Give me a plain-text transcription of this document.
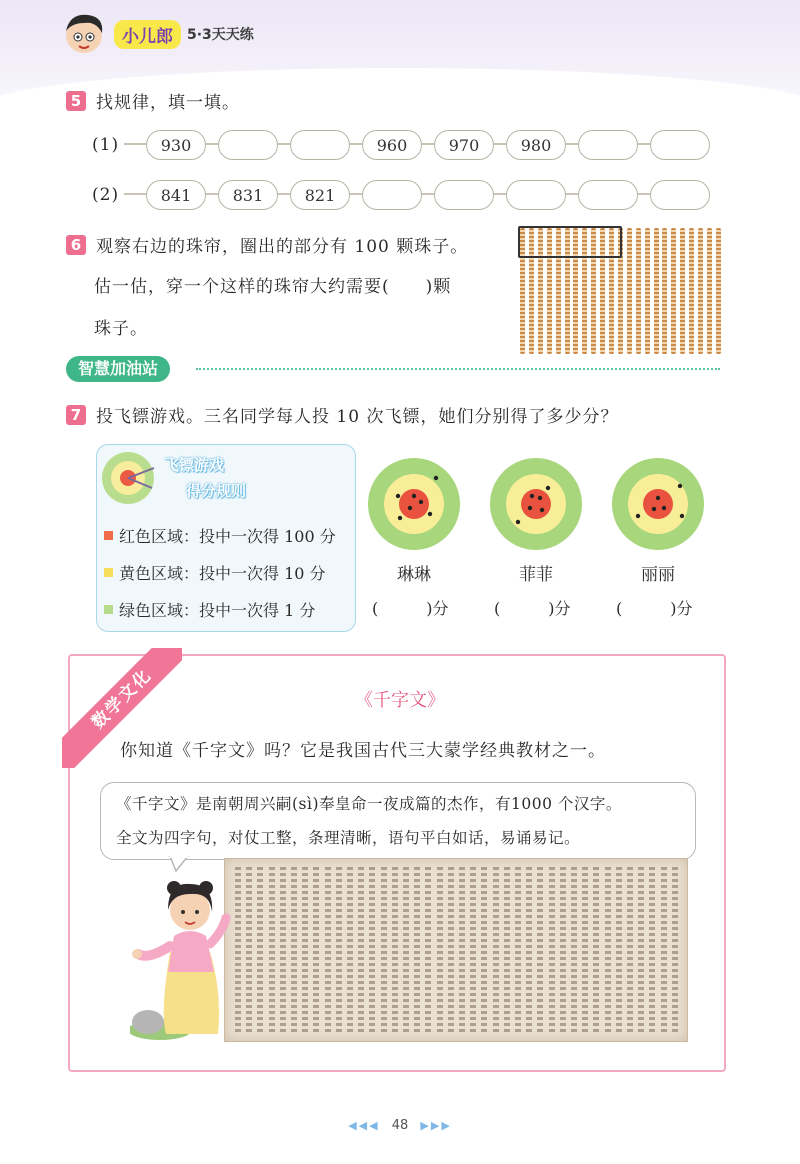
小儿郎	5·3天天练
5 找规律，填一填。
(1)	930	960	970	980
(2)	841	831	821
6 观察右边的珠帘，圈出的部分有 100 颗珠子。
估一估，穿一个这样的珠帘大约需要(　　)颗
珠子。
智慧加油站
7 投飞镖游戏。三名同学每人投 10 次飞镖，她们分别得了多少分？
飞镖游戏
得分规则
红色区域：投中一次得 100 分
黄色区域：投中一次得 10 分
绿色区域：投中一次得 1 分
琳琳	菲菲	丽丽
(　　　)分	(　　　)分	(　　　)分
数学文化	《千字文》
你知道《千字文》吗？它是我国古代三大蒙学经典教材之一。
《千字文》是南朝周兴嗣(sì)奉皇命一夜成篇的杰作，有1000 个汉字。
全文为四字句，对仗工整，条理清晰，语句平白如话，易诵易记。
◀◀◀ 48 ▶▶▶
